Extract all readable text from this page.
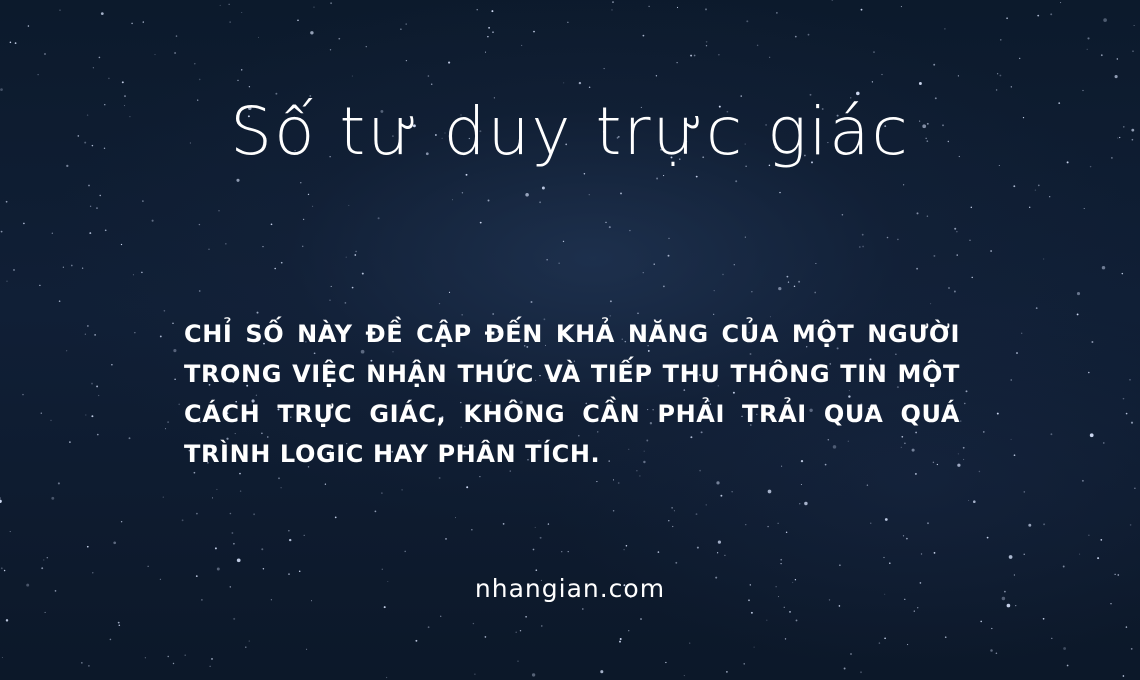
Số tư duy trực giác

CHỈ SỐ NÀY ĐỀ CẬP ĐẾN KHẢ NĂNG CỦA MỘT NGƯỜI TRONG VIỆC NHẬN THỨC VÀ TIẾP THU THÔNG TIN MỘT CÁCH TRỰC GIÁC, KHÔNG CẦN PHẢI TRẢI QUA QUÁ TRÌNH LOGIC HAY PHÂN TÍCH.

nhangian.com
